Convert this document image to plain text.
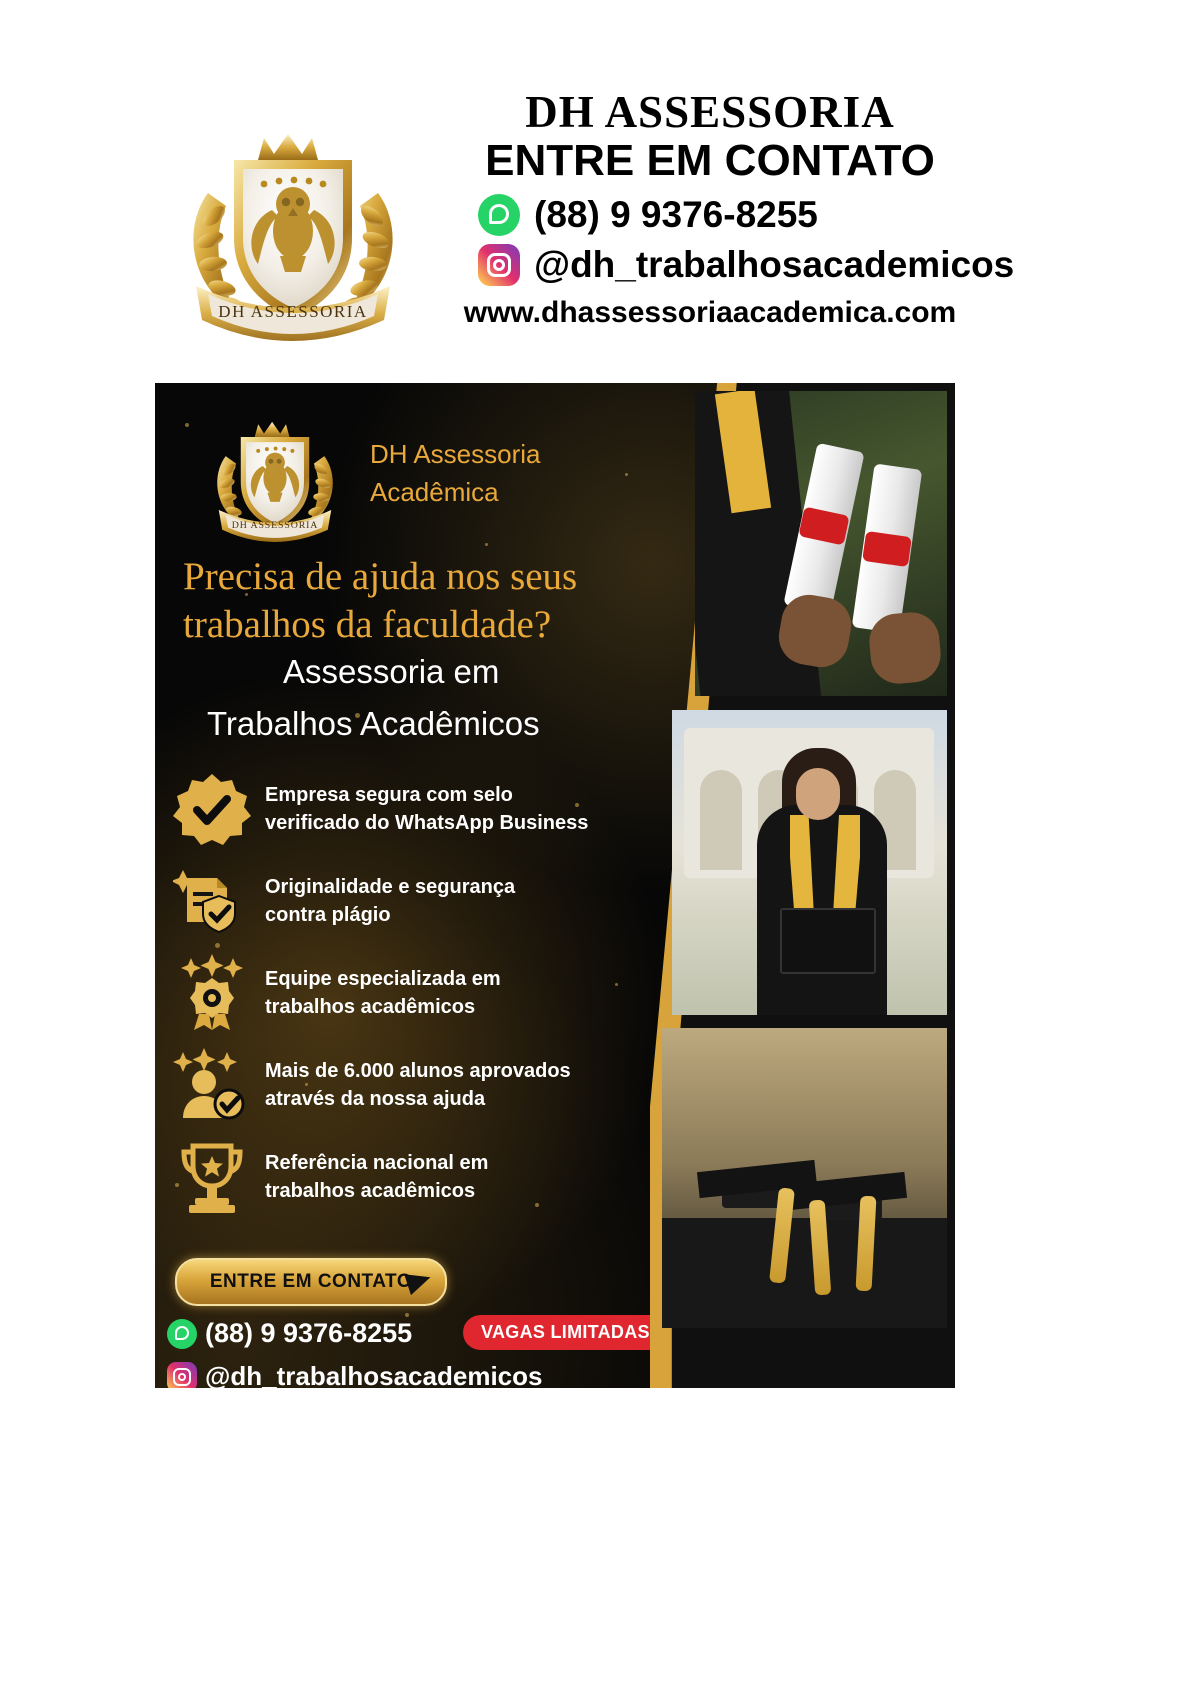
DH ASSESSORIA
DH ASSESSORIA
ENTRE EM CONTATO
(88) 9 9376-8255
@dh_trabalhosacademicos
www.dhassessoriaacademica.com
DH ASSESSORIA
DH Assessoria
Acadêmica
Precisa de ajuda nos seus
trabalhos da faculdade?
Assessoria em
Trabalhos Acadêmicos
Empresa segura com selo
verificado do WhatsApp Business
Originalidade e segurança
contra plágio
Equipe especializada em
trabalhos acadêmicos
Mais de 6.000 alunos aprovados
através da nossa ajuda
Referência nacional em
trabalhos acadêmicos
ENTRE EM CONTATO
(88) 9 9376-8255
@dh_trabalhosacademicos
VAGAS LIMITADAS
